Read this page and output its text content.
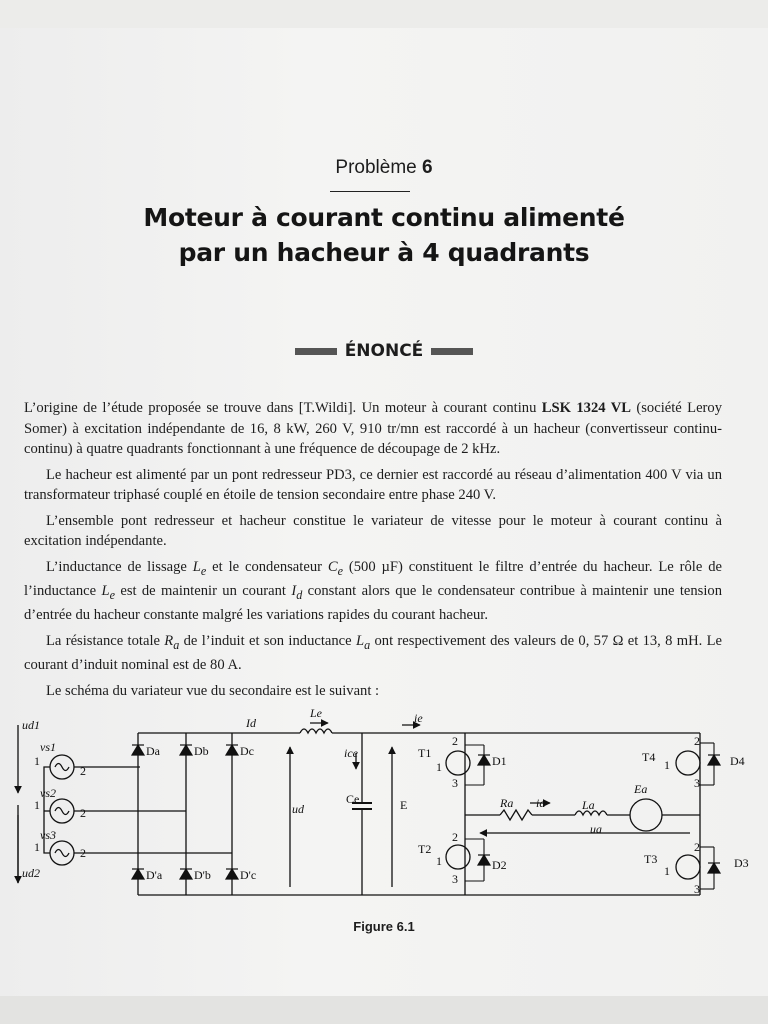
Problème 6
Moteur à courant continu alimenté
par un hacheur à 4 quadrants
ÉNONCÉ

L’origine de l’étude proposée se trouve dans [T.Wildi]. Un moteur à courant continu LSK 1324 VL (société Leroy Somer) à excitation indépendante de 16, 8 kW, 260 V, 910 tr/mn est raccordé à un hacheur (convertisseur continu-continu) à quatre quadrants fonctionnant à une fréquence de découpage de 2 kHz.

Le hacheur est alimenté par un pont redresseur PD3, ce dernier est raccordé au réseau d’alimentation 400 V via un transformateur triphasé couplé en étoile de tension secondaire entre phase 240 V.

L’ensemble pont redresseur et hacheur constitue le variateur de vitesse pour le moteur à courant continu à excitation indépendante.

L’inductance de lissage $L_e$ et le condensateur $C_e$ (500 µF) constituent le filtre d’entrée du hacheur. Le rôle de l’inductance $L_e$ est de maintenir un courant $I_d$ constant alors que le condensateur contribue à maintenir une tension d’entrée du hacheur constante malgré les variations rapides du courant hacheur.

La résistance totale $R_a$ de l’induit et son inductance $L_a$ ont respectivement des valeurs de 0, 57 Ω et 13, 8 mH. Le courant d’induit nominal est de 80 A.

Le schéma du variateur vue du secondaire est le suivant :

ud1
ud2
vs1
vs2
vs3
1
1
1
2
2
2
Da	Db	Dc
D'a	D'b D'c
Id
Le	ie
ice
ud
Ce	E
T1
T2
T3
T4
D1
D2	D3
D4
Ra ia	La
ua
Ea
2
3
2
3
2
3
2
3
1
1
1
1
Figure 6.1
